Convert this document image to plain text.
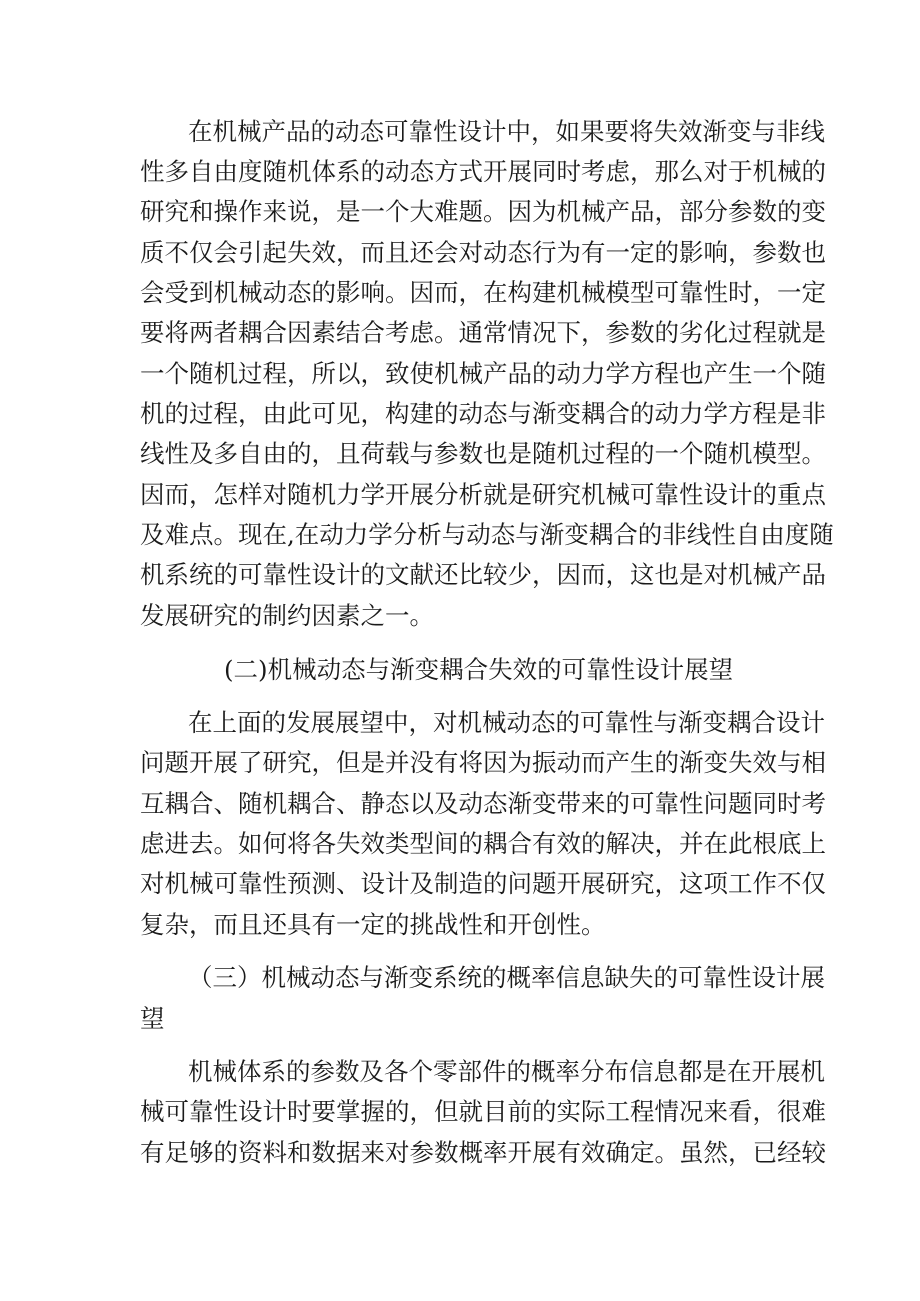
在机械产品的动态可靠性设计中，如果要将失效渐变与非线
性多自由度随机体系的动态方式开展同时考虑，那么对于机械的
研究和操作来说，是一个大难题。因为机械产品，部分参数的变
质不仅会引起失效，而且还会对动态行为有一定的影响，参数也
会受到机械动态的影响。因而，在构建机械模型可靠性时，一定
要将两者耦合因素结合考虑。通常情况下，参数的劣化过程就是
一个随机过程，所以，致使机械产品的动力学方程也产生一个随
机的过程，由此可见，构建的动态与渐变耦合的动力学方程是非
线性及多自由的，且荷载与参数也是随机过程的一个随机模型。
因而，怎样对随机力学开展分析就是研究机械可靠性设计的重点
及难点。现在,在动力学分析与动态与渐变耦合的非线性自由度随
机系统的可靠性设计的文献还比较少，因而，这也是对机械产品
发展研究的制约因素之一。
(二)机械动态与渐变耦合失效的可靠性设计展望
在上面的发展展望中，对机械动态的可靠性与渐变耦合设计
问题开展了研究，但是并没有将因为振动而产生的渐变失效与相
互耦合、随机耦合、静态以及动态渐变带来的可靠性问题同时考
虑进去。如何将各失效类型间的耦合有效的解决，并在此根底上
对机械可靠性预测、设计及制造的问题开展研究，这项工作不仅
复杂，而且还具有一定的挑战性和开创性。
（三）机械动态与渐变系统的概率信息缺失的可靠性设计展
望
机械体系的参数及各个零部件的概率分布信息都是在开展机
械可靠性设计时要掌握的，但就目前的实际工程情况来看，很难
有足够的资料和数据来对参数概率开展有效确定。虽然，已经较
